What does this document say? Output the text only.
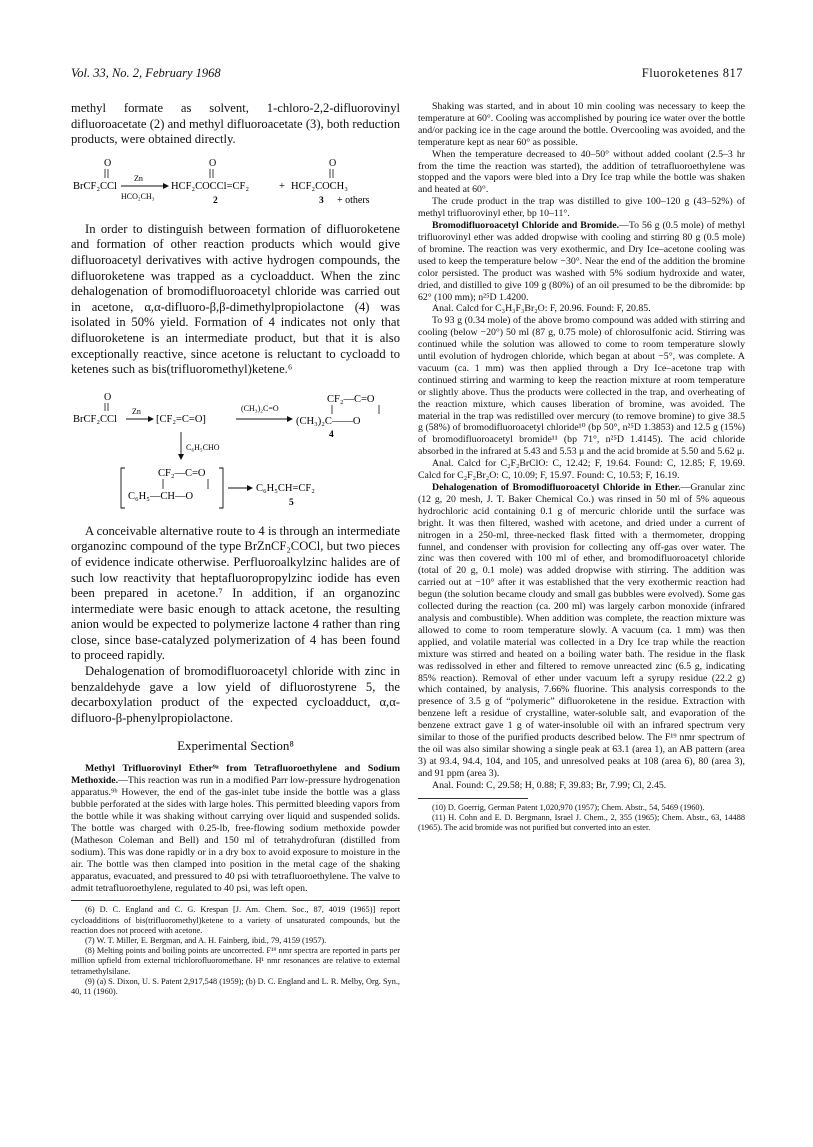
Vol. 33, No. 2, February 1968	Fluoroketenes 817

methyl formate as solvent, 1-chloro-2,2-difluorovinyl difluoroacetate (2) and methyl difluoroacetate (3), both reduction products, were obtained directly.

O	O	O
BrCF₂CCl
Zn
HCO₂CH₃
HCF₂COCCl=CF₂	+ HCF₂COCH₃
2	3 + others

In order to distinguish between formation of difluoroketene and formation of other reaction products which would give difluoroacetyl derivatives with active hydrogen compounds, the difluoroketene was trapped as a cycloadduct. When the zinc dehalogenation of bromodifluoroacetyl chloride was carried out in acetone, α,α-difluoro-β,β-dimethylpropiolactone (4) was isolated in 50% yield. Formation of 4 indicates not only that difluoroketene is an intermediate product, but that it is also exceptionally reactive, since acetone is reluctant to cycloadd to ketenes such as bis(trifluoromethyl)ketene.⁶

O
BrCF₂CCl
Zn
[CF₂=C=O]
(CH₃)₂C=O
CF₂—C=O
(CH₃)₂C——O
4
C₆H₅CHO
CF₂—C=O
C₆H₅—CH—O
C₆H₅CH=CF₂
5

A conceivable alternative route to 4 is through an intermediate organozinc compound of the type BrZnCF₂COCl, but two pieces of evidence indicate otherwise. Perfluoroalkylzinc halides are of such low reactivity that heptafluoropropylzinc iodide has even been prepared in acetone.⁷ In addition, if an organozinc intermediate were basic enough to attack acetone, the resulting anion would be expected to polymerize lactone 4 rather than ring close, since base-catalyzed polymerization of 4 has been found to proceed rapidly.

Dehalogenation of bromodifluoroacetyl chloride with zinc in benzaldehyde gave a low yield of difluorostyrene 5, the decarboxylation product of the expected cycloadduct, α,α-difluoro-β-phenylpropiolactone.

Experimental Section⁸

Methyl Trifluorovinyl Ether⁹ᵃ from Tetrafluoroethylene and Sodium Methoxide.—This reaction was run in a modified Parr low-pressure hydrogenation apparatus.⁹ᵇ However, the end of the gas-inlet tube inside the bottle was a glass bubble perforated at the sides with large holes. This permitted bleeding vapors from the bottle while it was shaking without carrying over liquid and suspended solids. The bottle was charged with 0.25-lb, free-flowing sodium methoxide powder (Matheson Coleman and Bell) and 150 ml of tetrahydrofuran (distilled from sodium). This was done rapidly or in a dry box to avoid exposure to moisture in the air. The bottle was then clamped into position in the metal cage of the shaking apparatus, evacuated, and pressured to 40 psi with tetrafluoroethylene. The valve to admit tetrafluoroethylene, regulated to 40 psi, was left open.

(6) D. C. England and C. G. Krespan [J. Am. Chem. Soc., 87, 4019 (1965)] report cycloadditions of bis(trifluoromethyl)ketene to a variety of unsaturated compounds, but the reaction does not proceed with acetone.

(7) W. T. Miller, E. Bergman, and A. H. Fainberg, ibid., 79, 4159 (1957).

(8) Melting points and boiling points are uncorrected. F¹⁹ nmr spectra are reported in parts per million upfield from external trichlorofluoromethane. H¹ nmr resonances are relative to external tetramethylsilane.

(9) (a) S. Dixon, U. S. Patent 2,917,548 (1959); (b) D. C. England and L. R. Melby, Org. Syn., 40, 11 (1960).

Shaking was started, and in about 10 min cooling was necessary to keep the temperature at 60°. Cooling was accomplished by pouring ice water over the bottle and/or packing ice in the cage around the bottle. Overcooling was avoided, and the temperature kept as near 60° as possible.

When the temperature decreased to 40–50° without added coolant (2.5–3 hr from the time the reaction was started), the addition of tetrafluoroethylene was stopped and the vapors were bled into a Dry Ice trap while the bottle was shaken and heated at 60°.

The crude product in the trap was distilled to give 100–120 g (43–52%) of methyl trifluorovinyl ether, bp 10–11°.

Bromodifluoroacetyl Chloride and Bromide.—To 56 g (0.5 mole) of methyl trifluorovinyl ether was added dropwise with cooling and stirring 80 g (0.5 mole) of bromine. The reaction was very exothermic, and Dry Ice–acetone cooling was used to keep the temperature below −30°. Near the end of the addition the bromine color persisted. The product was washed with 5% sodium hydroxide and water, dried, and distilled to give 109 g (80%) of an oil presumed to be the dibromide: bp 62° (100 mm); n²⁵D 1.4200.

Anal. Calcd for C₃H₃F₃Br₂O: F, 20.96. Found: F, 20.85.

To 93 g (0.34 mole) of the above bromo compound was added with stirring and cooling (below −20°) 50 ml (87 g, 0.75 mole) of chlorosulfonic acid. Stirring was continued while the solution was allowed to come to room temperature slowly until evolution of hydrogen chloride, which began at about −5°, was complete. A vacuum (ca. 1 mm) was then applied through a Dry Ice–acetone trap with continued stirring and warming to keep the reaction mixture at room temperature or slightly above. Thus the products were collected in the trap, and overheating of the reaction mixture, which causes liberation of bromine, was avoided. The material in the trap was redistilled over mercury (to remove bromine) to give 38.5 g (58%) of bromodifluoroacetyl chloride¹⁰ (bp 50°, n²⁵D 1.3853) and 12.5 g (15%) of bromodifluoroacetyl bromide¹¹ (bp 71°, n²⁵D 1.4145). The acid chloride absorbed in the infrared at 5.43 and 5.53 μ and the acid bromide at 5.50 and 5.62 μ.

Anal. Calcd for C₂F₂BrClO: C, 12.42; F, 19.64. Found: C, 12.85; F, 19.69. Calcd for C₂F₂Br₂O: C, 10.09; F, 15.97. Found: C, 10.53; F, 16.19.

Dehalogenation of Bromodifluoroacetyl Chloride in Ether.—Granular zinc (12 g, 20 mesh, J. T. Baker Chemical Co.) was rinsed in 50 ml of 5% aqueous hydrochloric acid containing 0.1 g of mercuric chloride until the surface was bright. It was then filtered, washed with acetone, and dried under a current of nitrogen in a 250-ml, three-necked flask fitted with a thermometer, dropping funnel, and condenser with provision for collecting any off-gas over water. The zinc was then covered with 100 ml of ether, and bromodifluoroacetyl chloride (total of 20 g, 0.1 mole) was added dropwise with stirring. The addition was carried out at −10° after it was established that the very exothermic reaction had begun (the solution became cloudy and small gas bubbles were evolved). Some gas collected during the reaction (ca. 200 ml) was largely carbon monoxide (infrared analysis and combustible). When addition was complete, the reaction mixture was allowed to come to room temperature slowly. A vacuum (ca. 1 mm) was then applied, and volatile material was collected in a Dry Ice trap while the reaction mixture was stirred and heated on a boiling water bath. The residue in the flask was redissolved in ether and filtered to remove unreacted zinc (6.5 g, indicating 85% reaction). Removal of ether under vacuum left a syrupy residue (22.2 g) which contained, by analysis, 7.66% fluorine. This analysis corresponds to the presence of 3.5 g of “polymeric” difluoroketene in the residue. Extraction with benzene left a residue of crystalline, water-soluble salt, and evaporation of the benzene extract gave 1 g of water-insoluble oil with an infrared spectrum very similar to those of the purified products described below. The F¹⁹ nmr spectrum of the oil was also similar showing a single peak at 63.1 (area 1), an AB pattern (area 3) at 93.4, 94.4, 104, and 105, and unresolved peaks at 108 (area 6), 80 (area 3), and 91 ppm (area 3).

Anal. Found: C, 29.58; H, 0.88; F, 39.83; Br, 7.99; Cl, 2.45.

(10) D. Goerrig, German Patent 1,020,970 (1957); Chem. Abstr., 54, 5469 (1960).

(11) H. Cohn and E. D. Bergmann, Israel J. Chem., 2, 355 (1965); Chem. Abstr., 63, 14488 (1965). The acid bromide was not purified but converted into an ester.
